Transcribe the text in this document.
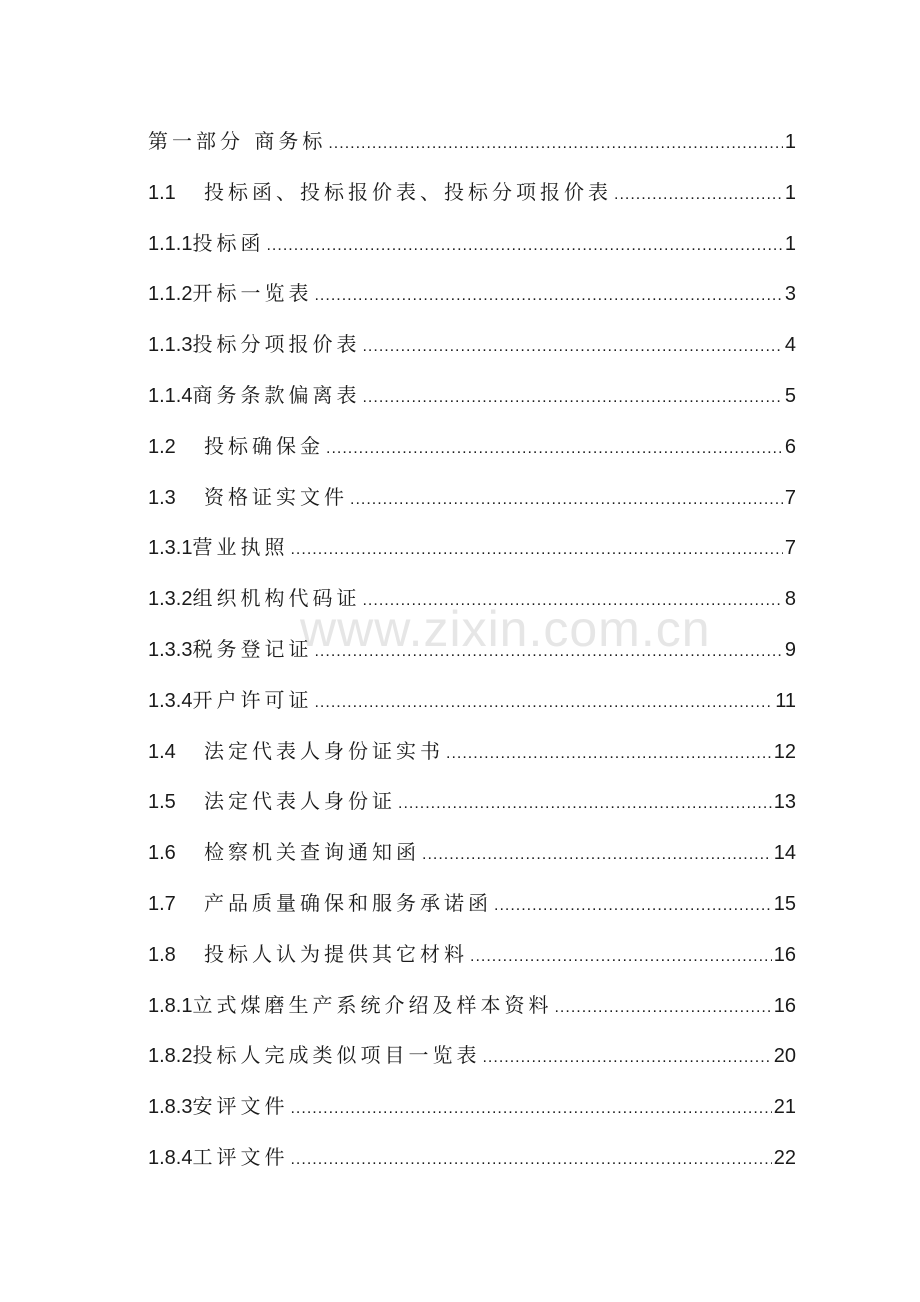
www.zixin.com.cn
第一部分 商务标 .....	1
1.1	投标函、投标报价表、投标分项报价表 .....	1
1.1.1 投标函 .....	1
1.1.2 开标一览表 .....	3
1.1.3 投标分项报价表 .....	4
1.1.4 商务条款偏离表 .....	5
1.2	投标确保金 .....	6
1.3	资格证实文件 .....	7
1.3.1 营业执照 .....	7
1.3.2 组织机构代码证 .....	8
1.3.3 税务登记证 .....	9
1.3.4 开户许可证 .....	11
1.4	法定代表人身份证实书 .....	12
1.5	法定代表人身份证 .....	13
1.6	检察机关查询通知函 .....	14
1.7	产品质量确保和服务承诺函 .....	15
1.8	投标人认为提供其它材料 .....	16
1.8.1 立式煤磨生产系统介绍及样本资料 .....	16
1.8.2 投标人完成类似项目一览表 .....	20
1.8.3 安评文件 .....	21
1.8.4 工评文件 .....	22
